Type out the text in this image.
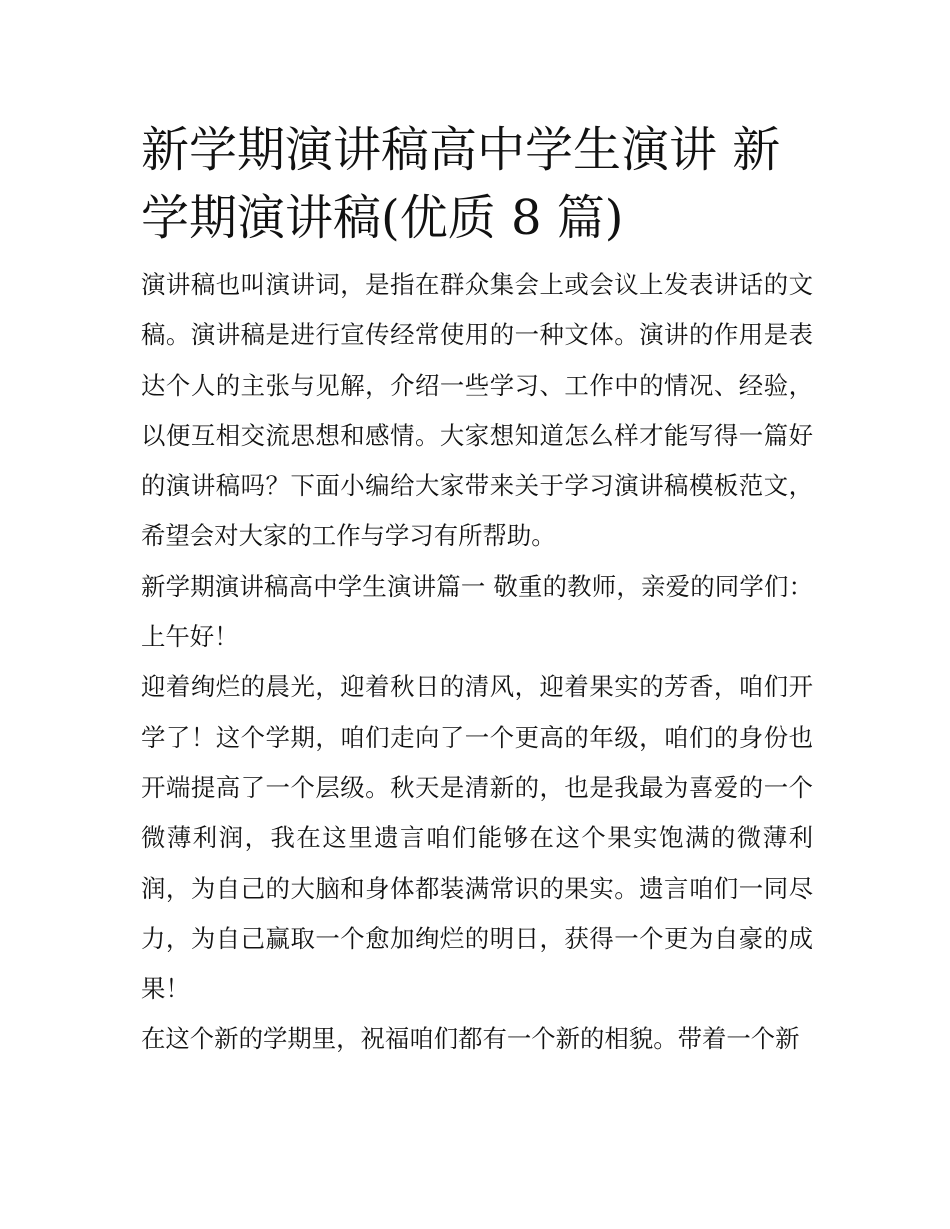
新学期演讲稿高中学生演讲 新学期演讲稿(优质 8 篇)

演讲稿也叫演讲词，是指在群众集会上或会议上发表讲话的文稿。演讲稿是进行宣传经常使用的一种文体。演讲的作用是表达个人的主张与见解，介绍一些学习、工作中的情况、经验，以便互相交流思想和感情。大家想知道怎么样才能写得一篇好的演讲稿吗？下面小编给大家带来关于学习演讲稿模板范文，希望会对大家的工作与学习有所帮助。

新学期演讲稿高中学生演讲篇一 敬重的教师，亲爱的同学们： 上午好！

迎着绚烂的晨光，迎着秋日的清风，迎着果实的芳香，咱们开学了！这个学期，咱们走向了一个更高的年级，咱们的身份也开端提高了一个层级。秋天是清新的，也是我最为喜爱的一个微薄利润，我在这里遗言咱们能够在这个果实饱满的微薄利润，为自己的大脑和身体都装满常识的果实。遗言咱们一同尽力，为自己赢取一个愈加绚烂的明日，获得一个更为自豪的成果！

在这个新的学期里，祝福咱们都有一个新的相貌。带着一个新
